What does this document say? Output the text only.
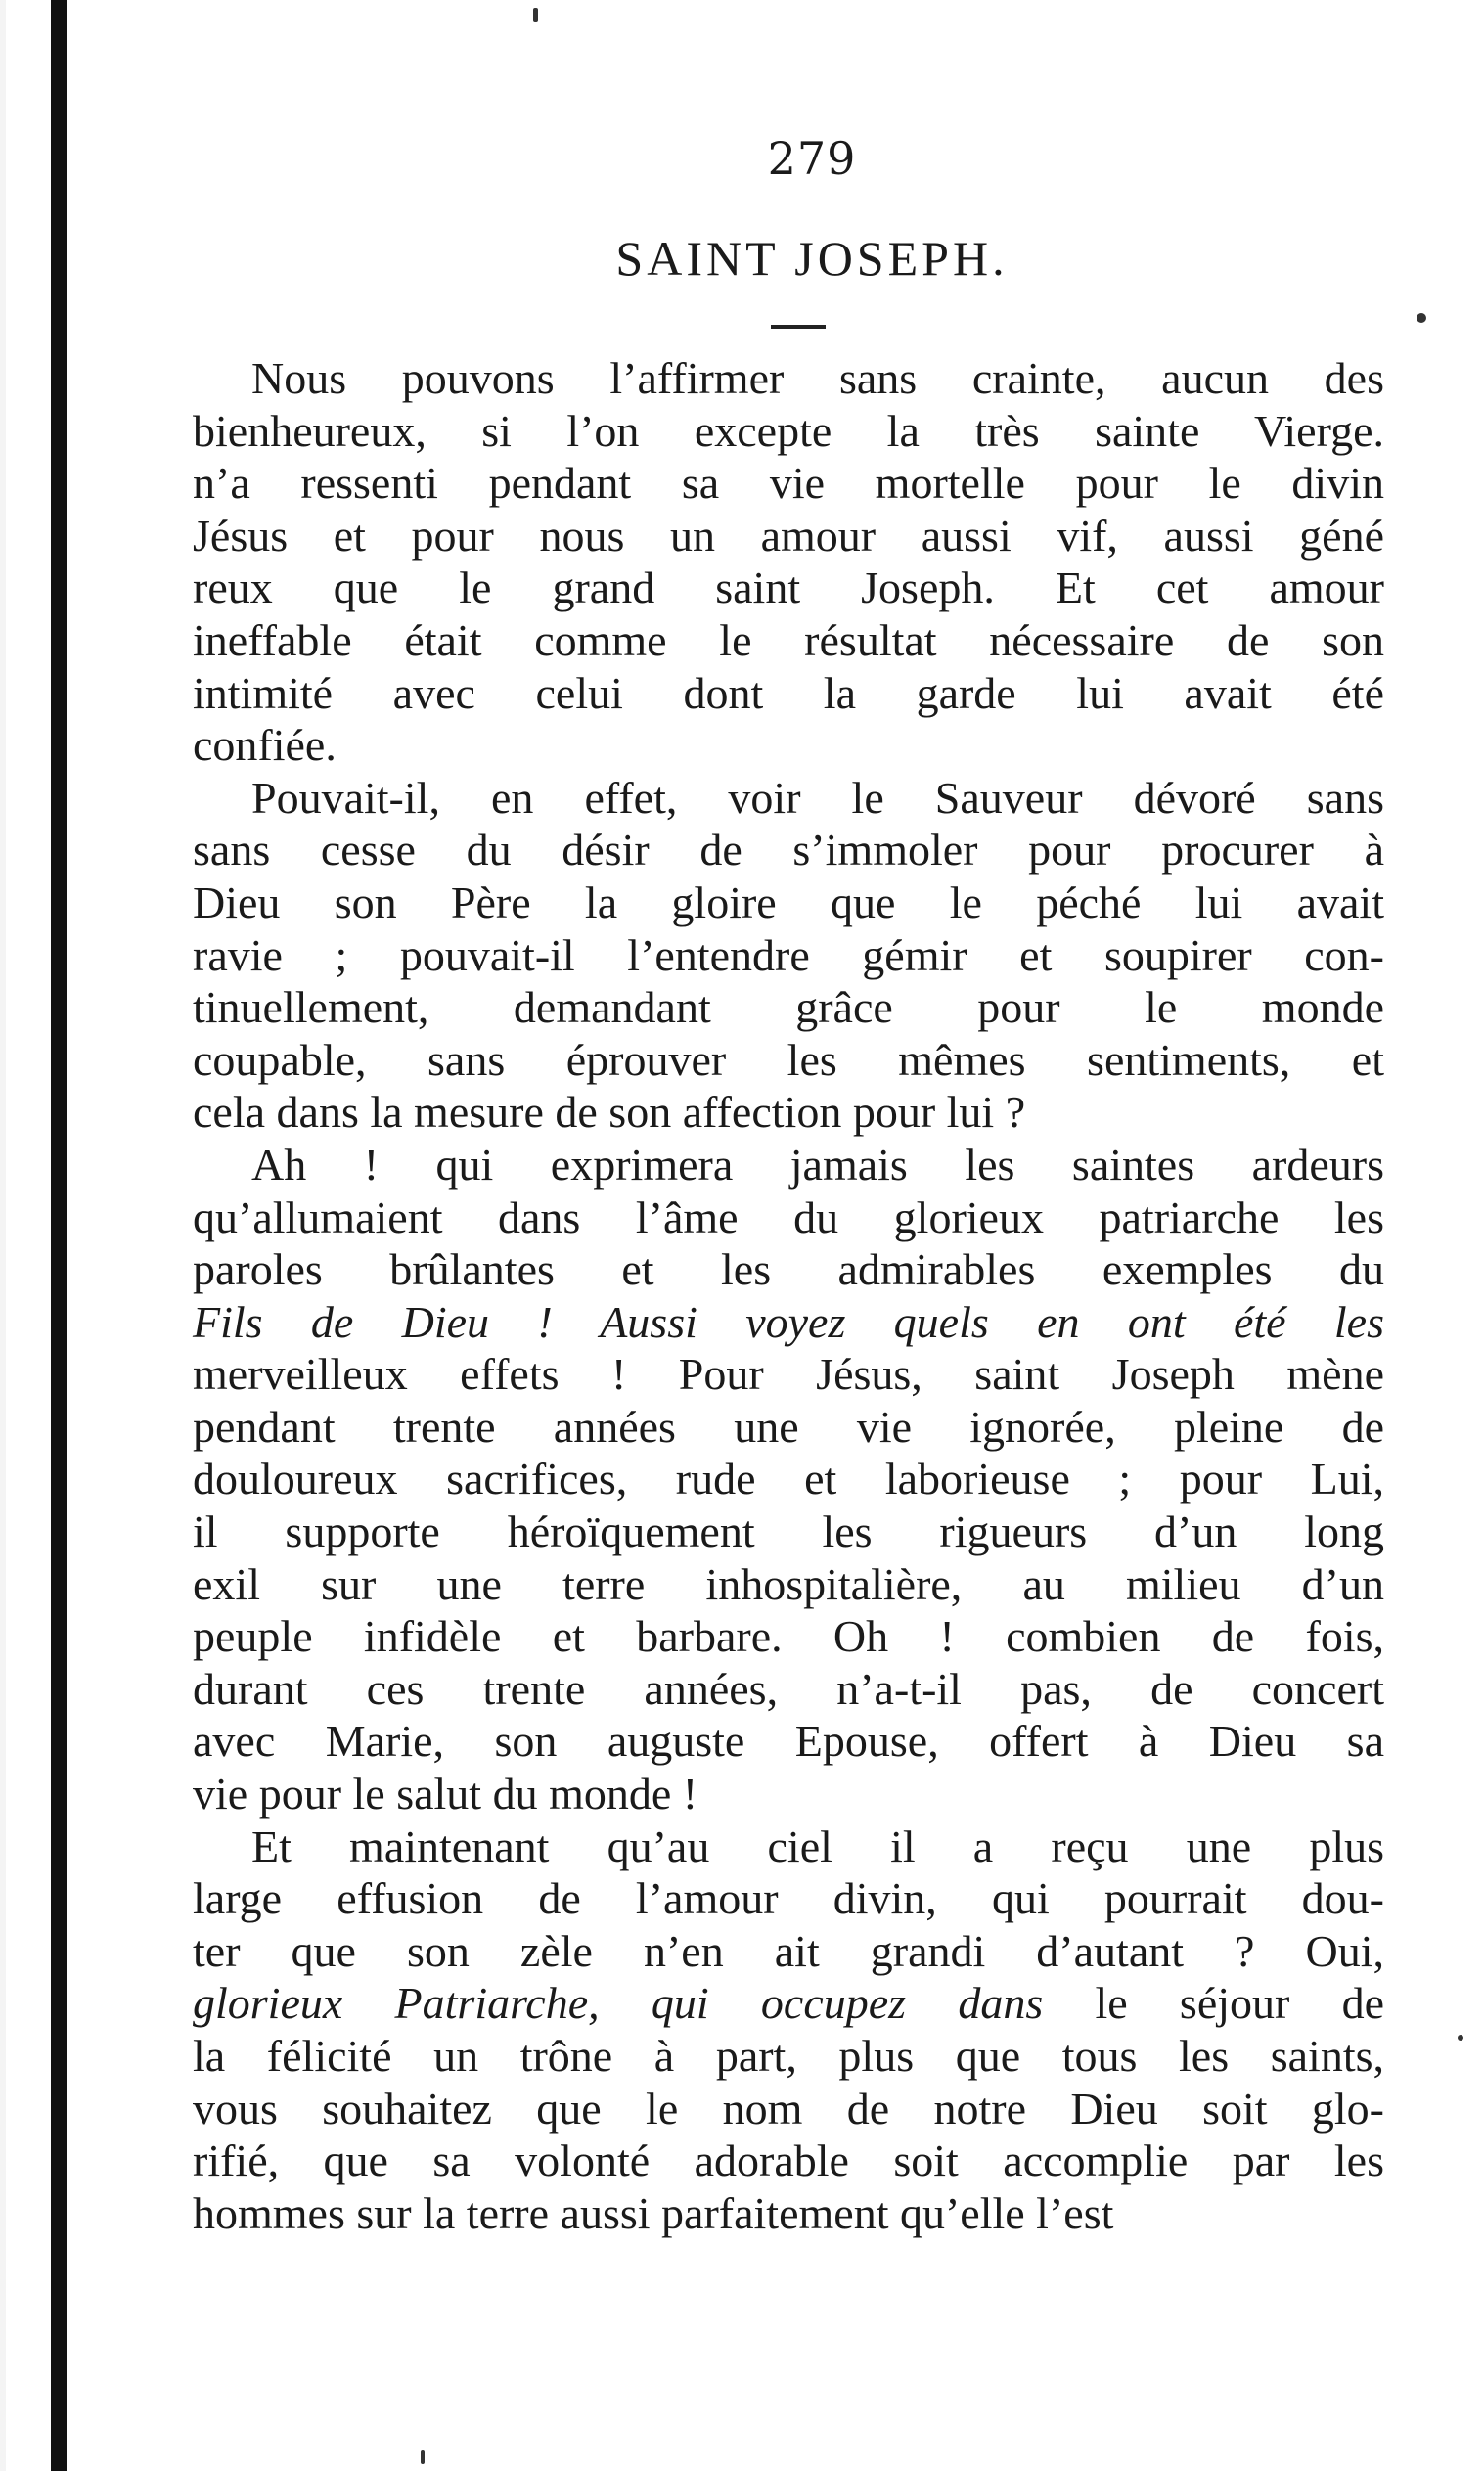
279
SAINT JOSEPH.
Nous pouvons l’affirmer sans crainte, aucun des
bienheureux, si l’on excepte la très sainte Vierge.
n’a ressenti pendant sa vie mortelle pour le divin
Jésus et pour nous un amour aussi vif, aussi géné
reux que le grand saint Joseph. Et cet amour
ineffable était comme le résultat nécessaire de son
intimité avec celui dont la garde lui avait été
confiée.
Pouvait-il, en effet, voir le Sauveur dévoré sans
sans cesse du désir de s’immoler pour procurer à
Dieu son Père la gloire que le péché lui avait
ravie ; pouvait-il l’entendre gémir et soupirer con-
tinuellement, demandant grâce pour le monde
coupable, sans éprouver les mêmes sentiments, et
cela dans la mesure de son affection pour lui ?
Ah ! qui exprimera jamais les saintes ardeurs
qu’allumaient dans l’âme du glorieux patriarche les
paroles brûlantes et les admirables exemples du
Fils de Dieu ! Aussi voyez quels en ont été les
merveilleux effets ! Pour Jésus, saint Joseph mène
pendant trente années une vie ignorée, pleine de
douloureux sacrifices, rude et laborieuse ; pour Lui,
il supporte héroïquement les rigueurs d’un long
exil sur une terre inhospitalière, au milieu d’un
peuple infidèle et barbare. Oh ! combien de fois,
durant ces trente années, n’a-t-il pas, de concert
avec Marie, son auguste Epouse, offert à Dieu sa
vie pour le salut du monde !
Et maintenant qu’au ciel il a reçu une plus
large effusion de l’amour divin, qui pourrait dou-
ter que son zèle n’en ait grandi d’autant ? Oui,
glorieux Patriarche, qui occupez dans le séjour de
la félicité un trône à part, plus que tous les saints,
vous souhaitez que le nom de notre Dieu soit glo-
rifié, que sa volonté adorable soit accomplie par les
hommes sur la terre aussi parfaitement qu’elle l’est
